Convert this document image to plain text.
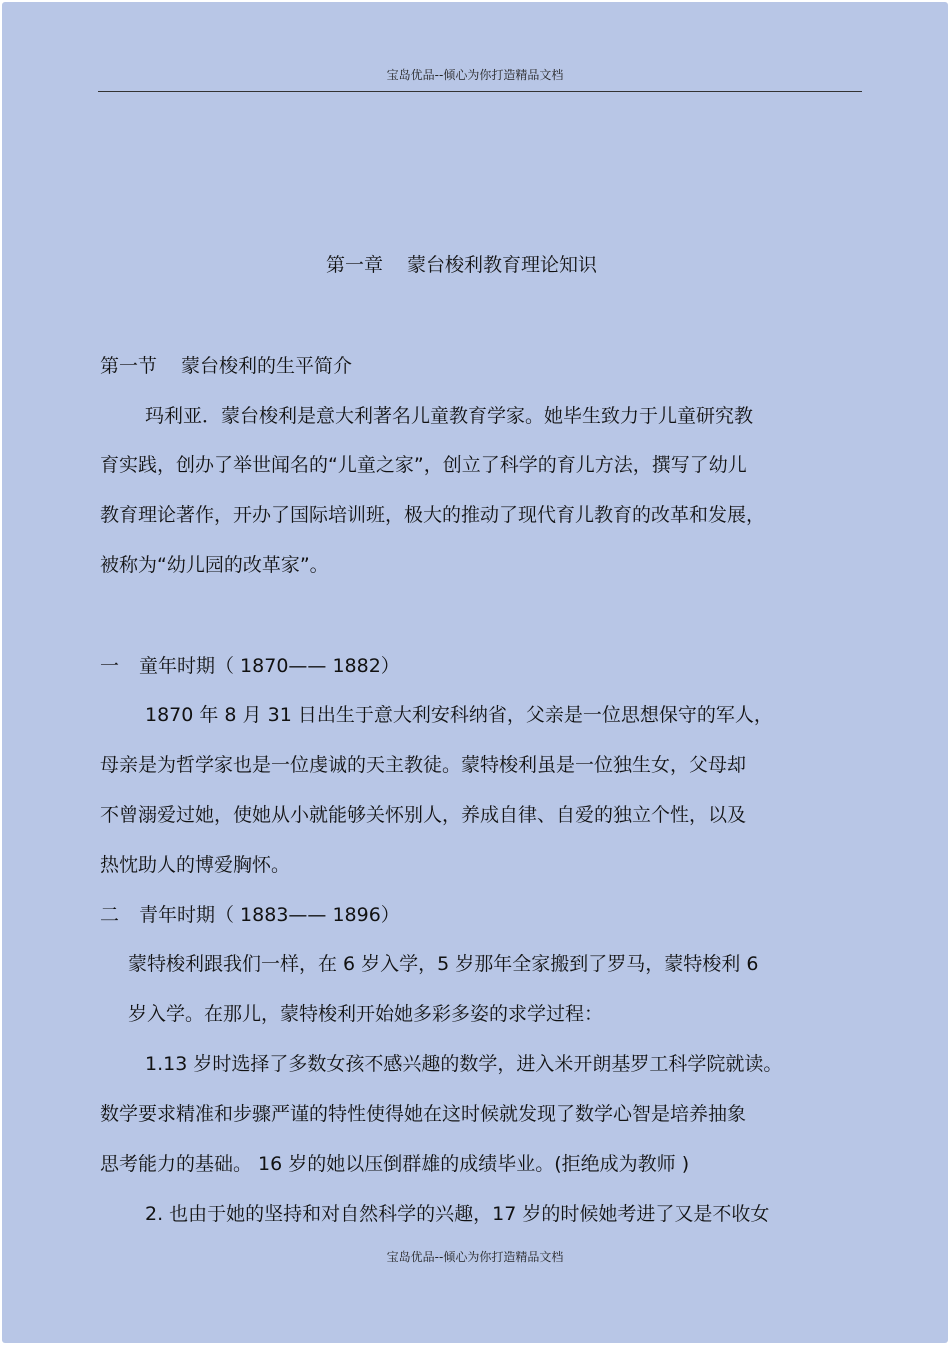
宝岛优品--倾心为你打造精品文档
第一章 蒙台梭利教育理论知识
第一节 蒙台梭利的生平简介
玛利亚．蒙台梭利是意大利著名儿童教育学家。她毕生致力于儿童研究教
育实践，创办了举世闻名的“儿童之家”，创立了科学的育儿方法，撰写了幼儿
教育理论著作，开办了国际培训班，极大的推动了现代育儿教育的改革和发展，
被称为“幼儿园的改革家”。
一 童年时期（ 1870—— 1882）
1870 年 8 月 31 日出生于意大利安科纳省，父亲是一位思想保守的军人，
母亲是为哲学家也是一位虔诚的天主教徒。蒙特梭利虽是一位独生女，父母却
不曾溺爱过她，使她从小就能够关怀别人，养成自律、自爱的独立个性，以及
热忱助人的博爱胸怀。
二 青年时期（ 1883—— 1896）
蒙特梭利跟我们一样，在 6 岁入学，5 岁那年全家搬到了罗马，蒙特梭利 6
岁入学。在那儿，蒙特梭利开始她多彩多姿的求学过程：
1.13 岁时选择了多数女孩不感兴趣的数学，进入米开朗基罗工科学院就读。
数学要求精准和步骤严谨的特性使得她在这时候就发现了数学心智是培养抽象
思考能力的基础。 16 岁的她以压倒群雄的成绩毕业。(拒绝成为教师 )
2. 也由于她的坚持和对自然科学的兴趣，17 岁的时候她考进了又是不收女
宝岛优品--倾心为你打造精品文档
